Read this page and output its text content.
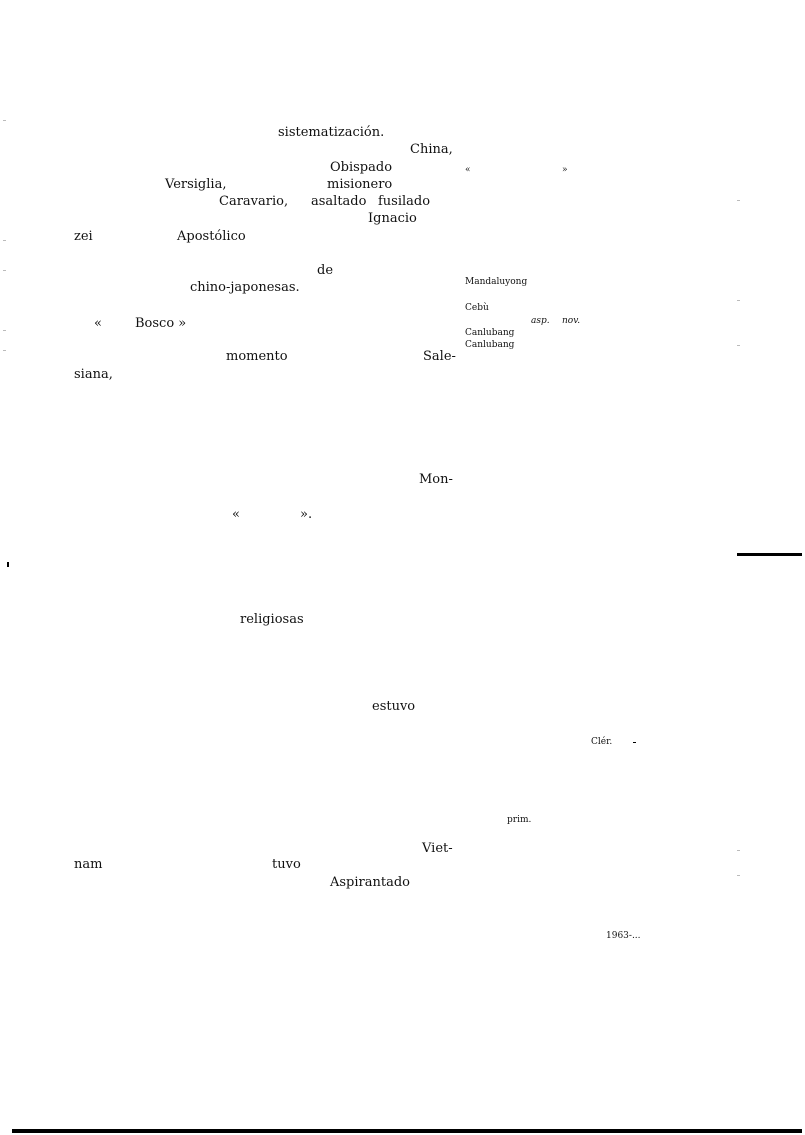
sistematización.
China,
Obispado
Versiglia,	misionero
Caravario, asaltado fusilado
Ignacio
zei	Apostólico
de
chino-japonesas.
«	Bosco »
momento	Sale-
siana,
Mon-
«	».
religiosas
estuvo
Viet-
nam	tuvo
Aspirantado
«	»
Mandaluyong
Cebù
asp. nov.
Canlubang
Canlubang
Clér.
prim.
1963-...
